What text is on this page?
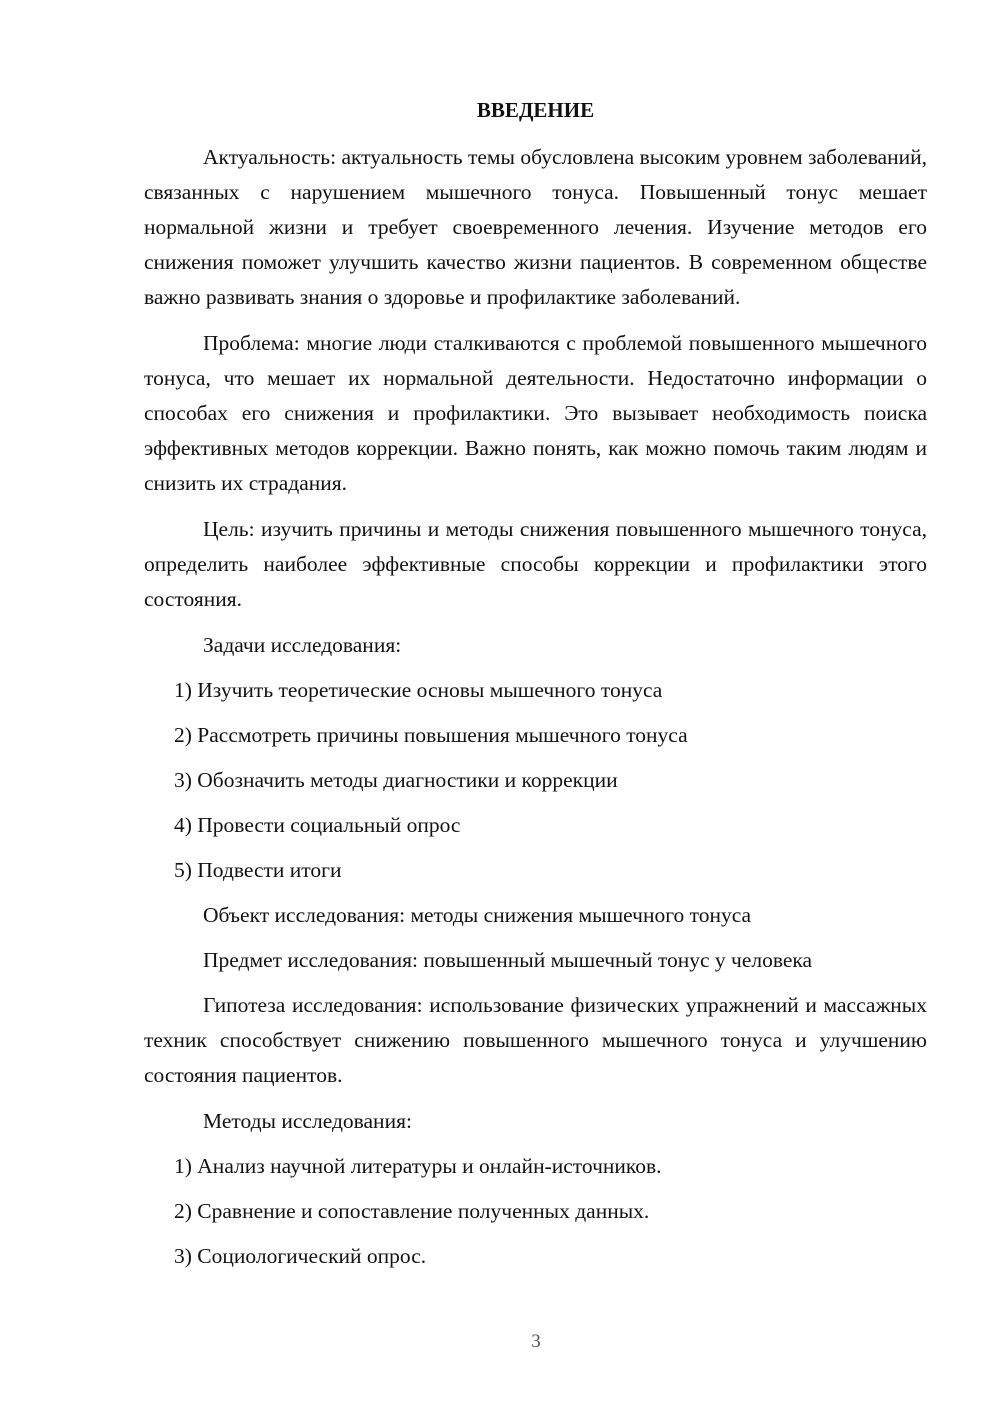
ВВЕДЕНИЕ

Актуальность: актуальность темы обусловлена высоким уровнем заболеваний, связанных с нарушением мышечного тонуса. Повышенный тонус мешает нормальной жизни и требует своевременного лечения. Изучение методов его снижения поможет улучшить качество жизни пациентов. В современном обществе важно развивать знания о здоровье и профилактике заболеваний.

Проблема: многие люди сталкиваются с проблемой повышенного мышечного тонуса, что мешает их нормальной деятельности. Недостаточно информации о способах его снижения и профилактики. Это вызывает необходимость поиска эффективных методов коррекции. Важно понять, как можно помочь таким людям и снизить их страдания.

Цель: изучить причины и методы снижения повышенного мышечного тонуса, определить наиболее эффективные способы коррекции и профилактики этого состояния.

Задачи исследования:
1) Изучить теоретические основы мышечного тонуса
2) Рассмотреть причины повышения мышечного тонуса
3) Обозначить методы диагностики и коррекции
4) Провести социальный опрос
5) Подвести итоги
Объект исследования: методы снижения мышечного тонуса
Предмет исследования: повышенный мышечный тонус у человека

Гипотеза исследования: использование физических упражнений и массажных техник способствует снижению повышенного мышечного тонуса и улучшению состояния пациентов.

Методы исследования:
1) Анализ научной литературы и онлайн-источников.
2) Сравнение и сопоставление полученных данных.
3) Социологический опрос.
3
